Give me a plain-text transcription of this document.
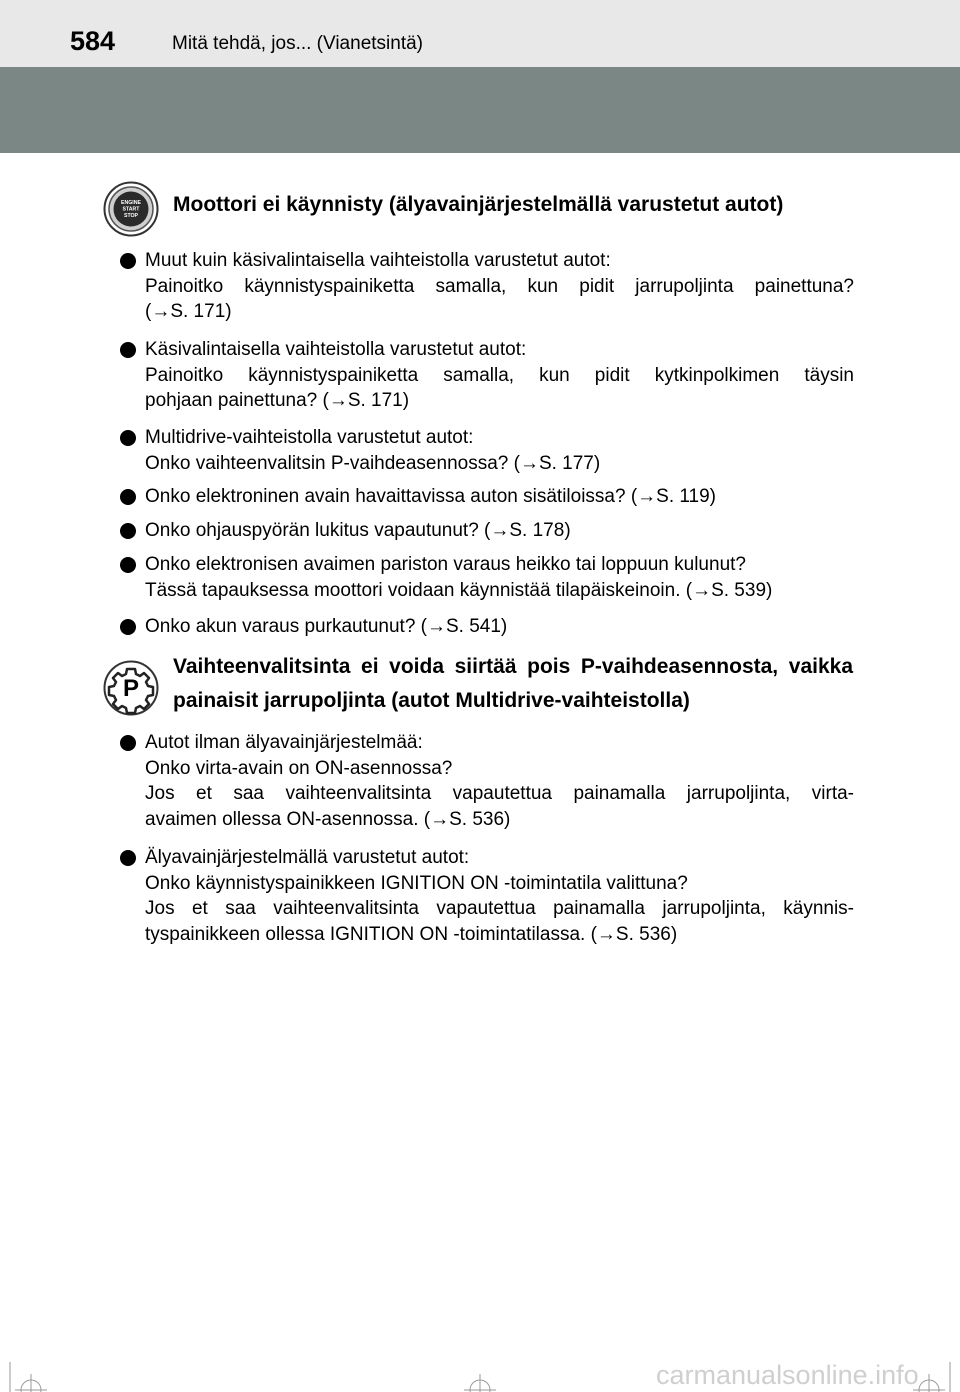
584	Mitä tehdä, jos... (Vianetsintä)
ENGINE
START
STOP Moottori ei käynnisty (älyavainjärjestelmällä varustetut autot)
Muut kuin käsivalintaisella vaihteistolla varustetut autot:
Painoitko käynnistyspainiketta samalla, kun pidit jarrupoljinta painettuna?
(→S. 171)
Käsivalintaisella vaihteistolla varustetut autot:
Painoitko käynnistyspainiketta samalla, kun pidit kytkinpolkimen täysin
pohjaan painettuna? (→S. 171)
Multidrive-vaihteistolla varustetut autot:
Onko vaihteenvalitsin P-vaihdeasennossa? (→S. 177)
Onko elektroninen avain havaittavissa auton sisätiloissa? (→S. 119)
Onko ohjauspyörän lukitus vapautunut? (→S. 178)
Onko elektronisen avaimen pariston varaus heikko tai loppuun kulunut?
Tässä tapauksessa moottori voidaan käynnistää tilapäiskeinoin. (→S. 539)
Onko akun varaus purkautunut? (→S. 541)
P
Vaihteenvalitsinta ei voida siirtää pois P-vaihdeasennosta, vaikka painaisit jarrupoljinta (autot Multidrive-vaihteistolla)
Autot ilman älyavainjärjestelmää:
Onko virta-avain on ON-asennossa?
Jos et saa vaihteenvalitsinta vapautettua painamalla jarrupoljinta, virta-
avaimen ollessa ON-asennossa. (→S. 536)
Älyavainjärjestelmällä varustetut autot:
Onko käynnistyspainikkeen IGNITION ON -toimintatila valittuna?
Jos et saa vaihteenvalitsinta vapautettua painamalla jarrupoljinta, käynnis-
tyspainikkeen ollessa IGNITION ON -toimintatilassa. (→S. 536)
carmanualsonline.info
